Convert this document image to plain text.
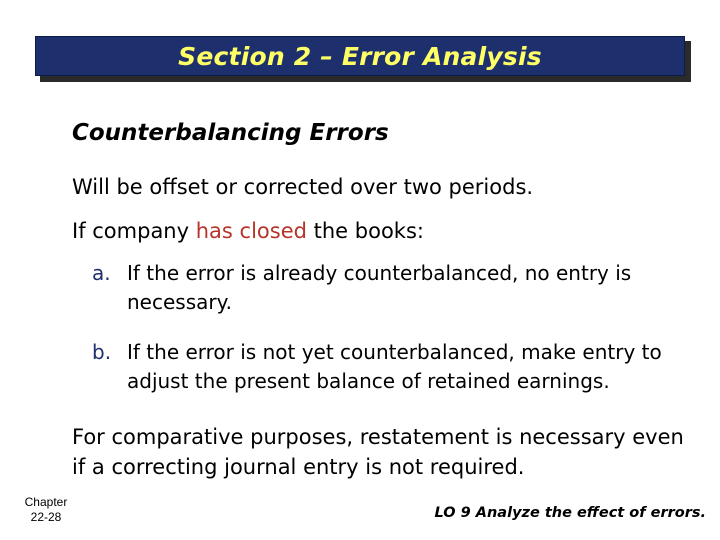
Section 2 – Error Analysis
Counterbalancing Errors
Will be offset or corrected over two periods.
If company has closed the books:
a. If the error is already counterbalanced, no entry is necessary.
b. If the error is not yet counterbalanced, make entry to adjust the present balance of retained earnings.
For comparative purposes, restatement is necessary even if a correcting journal entry is not required.
Chapter
22-28	LO 9 Analyze the effect of errors.
